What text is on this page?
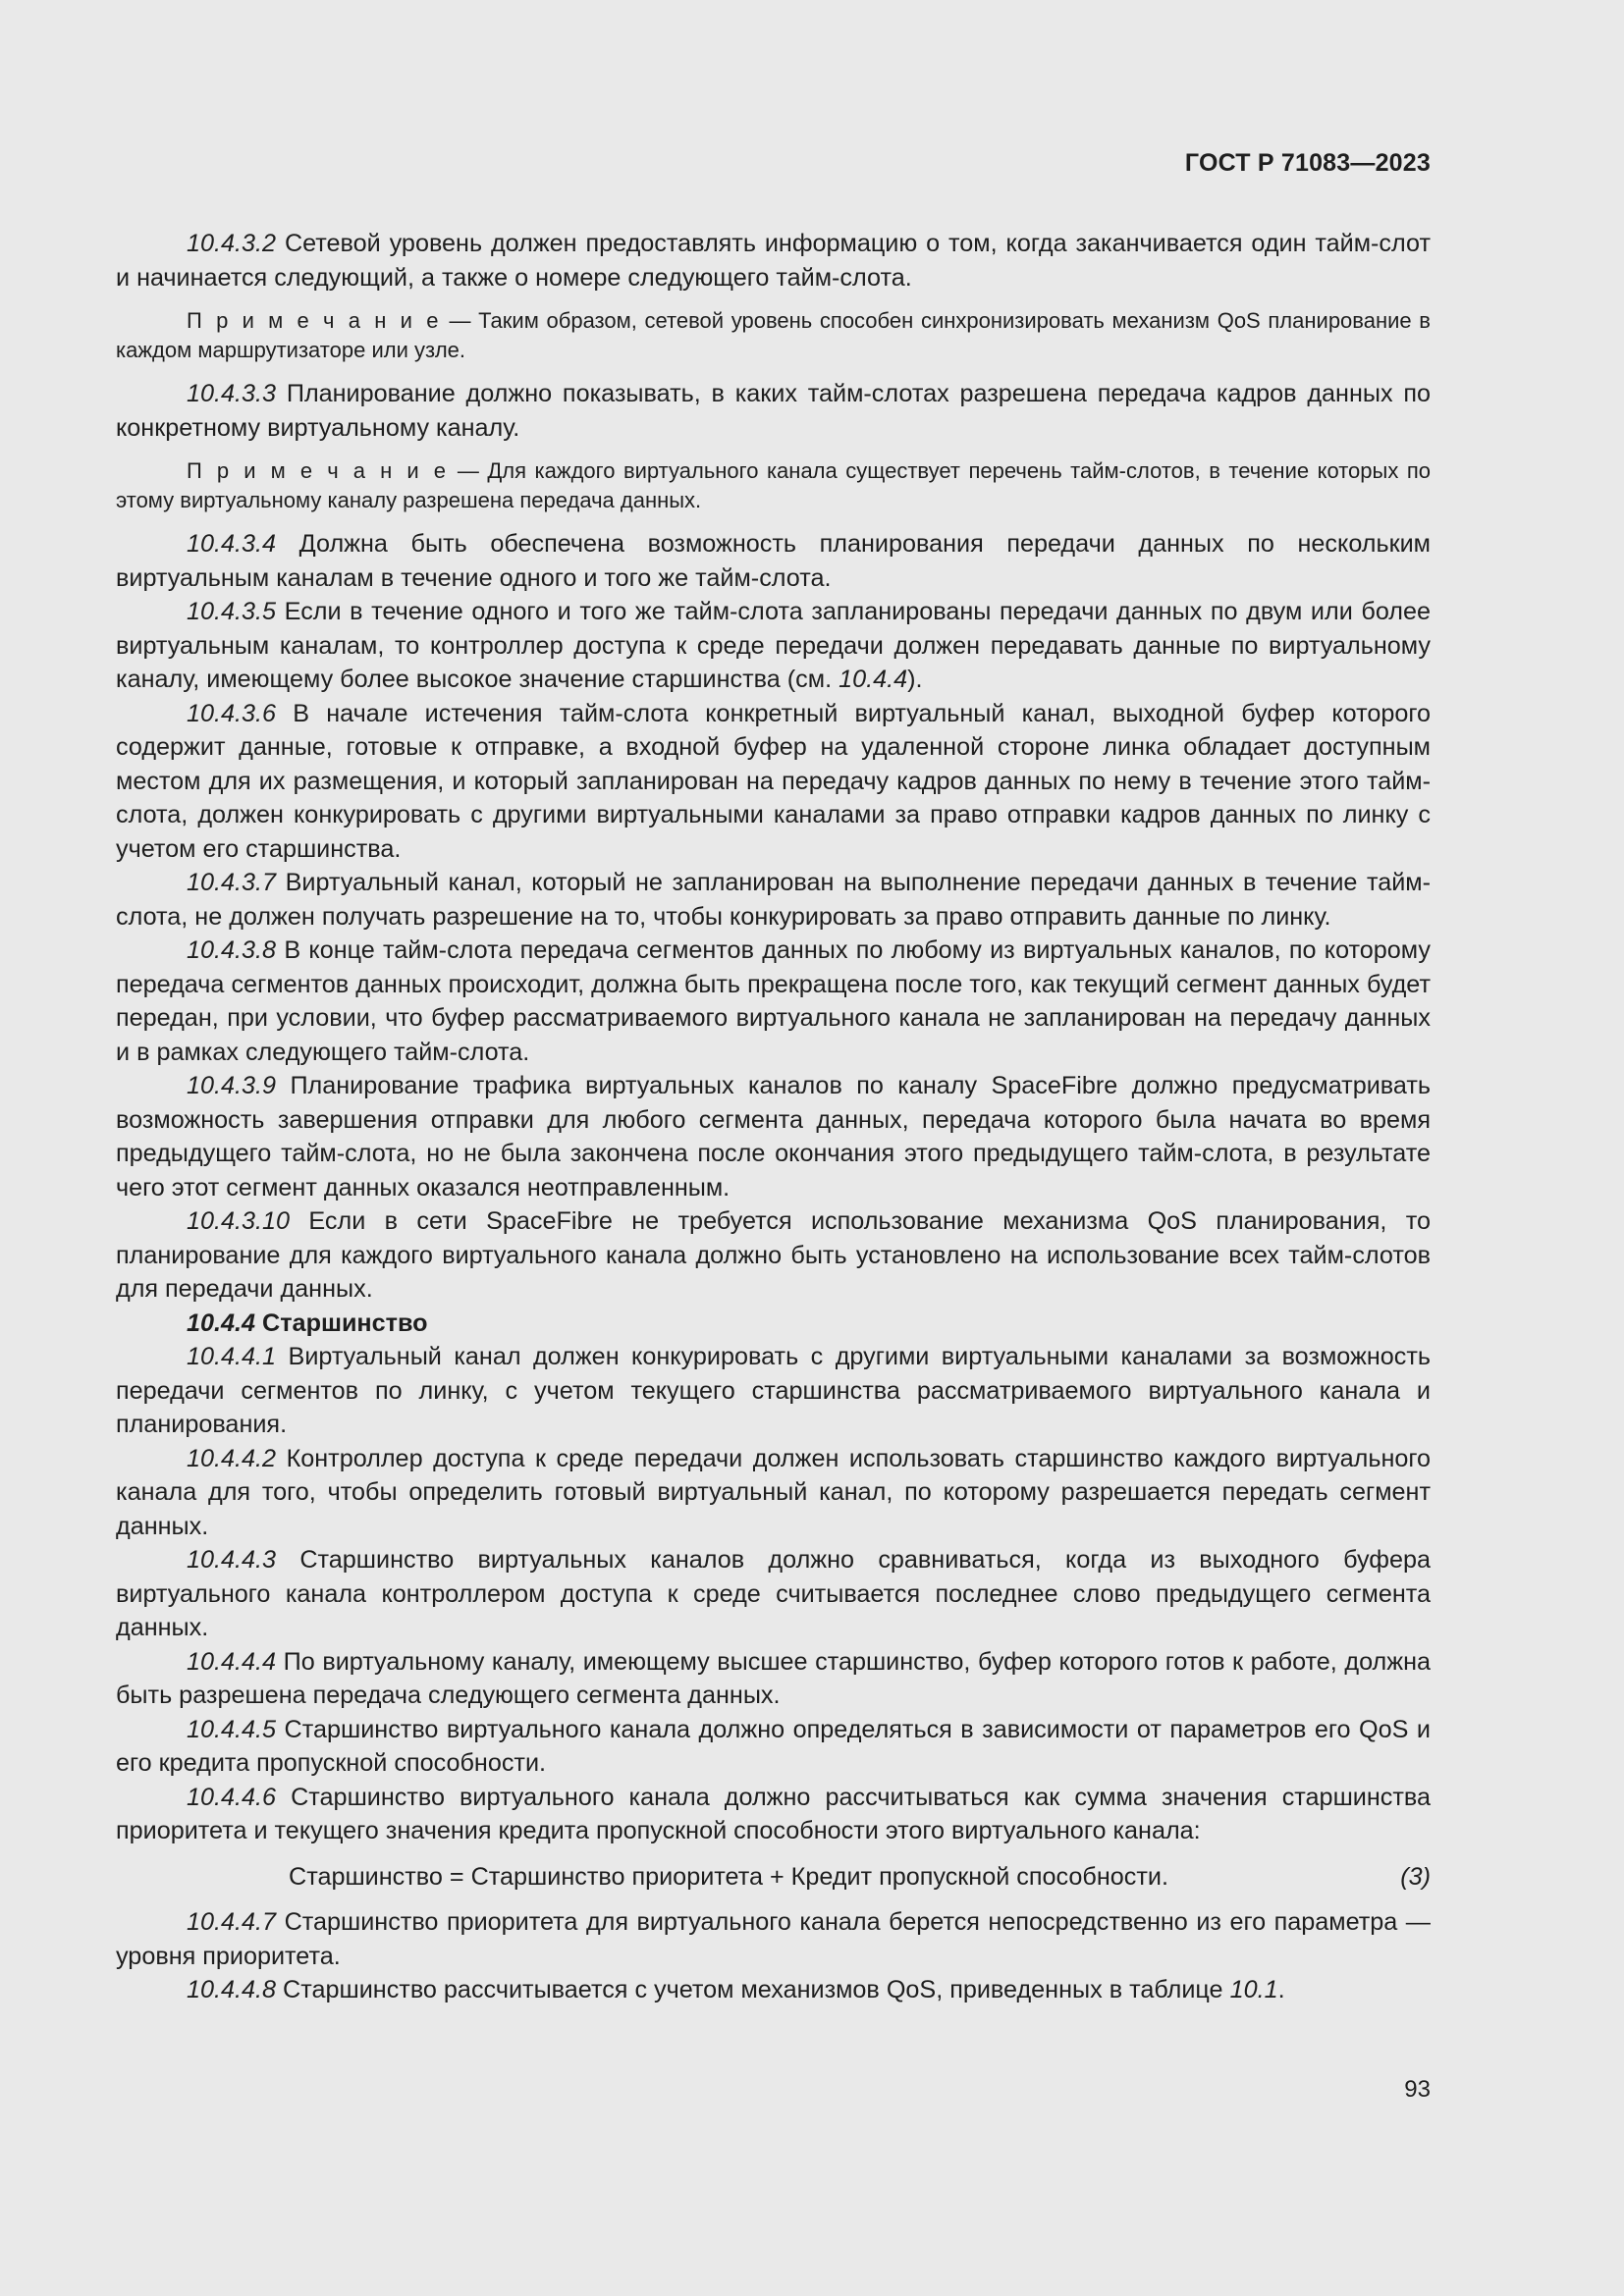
ГОСТ Р 71083—2023

10.4.3.2 Сетевой уровень должен предоставлять информацию о том, когда заканчивается один тайм-слот и начинается следующий, а также о номере следующего тайм-слота.

П р и м е ч а н и е — Таким образом, сетевой уровень способен синхронизировать механизм QoS планирование в каждом маршрутизаторе или узле.

10.4.3.3 Планирование должно показывать, в каких тайм-слотах разрешена передача кадров данных по конкретному виртуальному каналу.

П р и м е ч а н и е — Для каждого виртуального канала существует перечень тайм-слотов, в течение которых по этому виртуальному каналу разрешена передача данных.

10.4.3.4 Должна быть обеспечена возможность планирования передачи данных по нескольким виртуальным каналам в течение одного и того же тайм-слота.

10.4.3.5 Если в течение одного и того же тайм-слота запланированы передачи данных по двум или более виртуальным каналам, то контроллер доступа к среде передачи должен передавать данные по виртуальному каналу, имеющему более высокое значение старшинства (см. 10.4.4).

10.4.3.6 В начале истечения тайм-слота конкретный виртуальный канал, выходной буфер которого содержит данные, готовые к отправке, а входной буфер на удаленной стороне линка обладает доступным местом для их размещения, и который запланирован на передачу кадров данных по нему в течение этого тайм-слота, должен конкурировать с другими виртуальными каналами за право отправки кадров данных по линку с учетом его старшинства.

10.4.3.7 Виртуальный канал, который не запланирован на выполнение передачи данных в течение тайм-слота, не должен получать разрешение на то, чтобы конкурировать за право отправить данные по линку.

10.4.3.8 В конце тайм-слота передача сегментов данных по любому из виртуальных каналов, по которому передача сегментов данных происходит, должна быть прекращена после того, как текущий сегмент данных будет передан, при условии, что буфер рассматриваемого виртуального канала не запланирован на передачу данных и в рамках следующего тайм-слота.

10.4.3.9 Планирование трафика виртуальных каналов по каналу SpaceFibre должно предусматривать возможность завершения отправки для любого сегмента данных, передача которого была начата во время предыдущего тайм-слота, но не была закончена после окончания этого предыдущего тайм-слота, в результате чего этот сегмент данных оказался неотправленным.

10.4.3.10 Если в сети SpaceFibre не требуется использование механизма QoS планирования, то планирование для каждого виртуального канала должно быть установлено на использование всех тайм-слотов для передачи данных.

10.4.4 Старшинство

10.4.4.1 Виртуальный канал должен конкурировать с другими виртуальными каналами за возможность передачи сегментов по линку, с учетом текущего старшинства рассматриваемого виртуального канала и планирования.

10.4.4.2 Контроллер доступа к среде передачи должен использовать старшинство каждого виртуального канала для того, чтобы определить готовый виртуальный канал, по которому разрешается передать сегмент данных.

10.4.4.3 Старшинство виртуальных каналов должно сравниваться, когда из выходного буфера виртуального канала контроллером доступа к среде считывается последнее слово предыдущего сегмента данных.

10.4.4.4 По виртуальному каналу, имеющему высшее старшинство, буфер которого готов к работе, должна быть разрешена передача следующего сегмента данных.

10.4.4.5 Старшинство виртуального канала должно определяться в зависимости от параметров его QoS и его кредита пропускной способности.

10.4.4.6 Старшинство виртуального канала должно рассчитываться как сумма значения старшинства приоритета и текущего значения кредита пропускной способности этого виртуального канала:

Старшинство = Старшинство приоритета + Кредит пропускной способности.	(3)

10.4.4.7 Старшинство приоритета для виртуального канала берется непосредственно из его параметра — уровня приоритета.

10.4.4.8 Старшинство рассчитывается с учетом механизмов QoS, приведенных в таблице 10.1.

93
